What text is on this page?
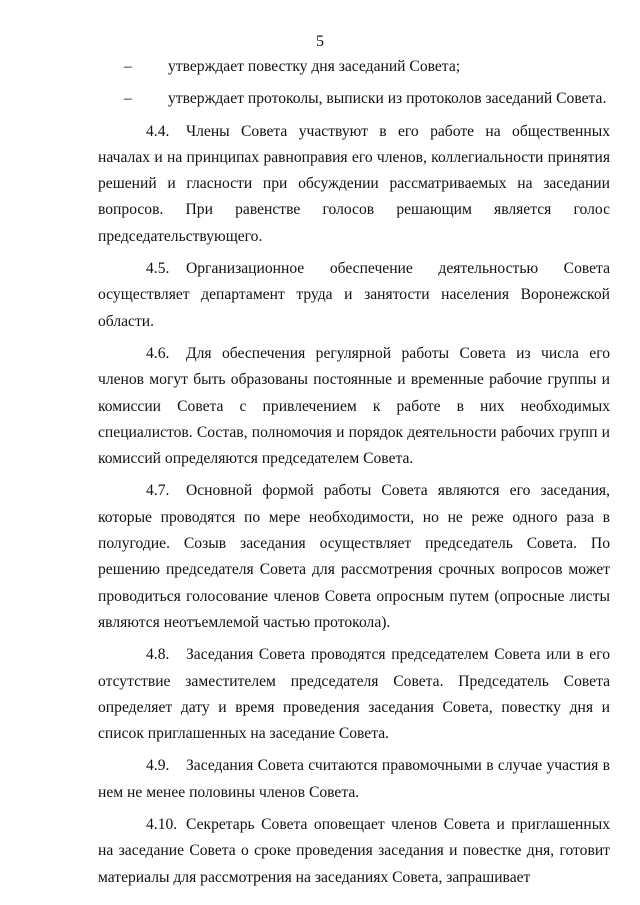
5

– утверждает повестку дня заседаний Совета;

– утверждает протоколы, выписки из протоколов заседаний Совета.

4.4. Члены Совета участвуют в его работе на общественных началах и на принципах равноправия его членов, коллегиальности принятия решений и гласности при обсуждении рассматриваемых на заседании вопросов. При равенстве голосов решающим является голос председательствующего.

4.5. Организационное обеспечение деятельностью Совета осуществляет департамент труда и занятости населения Воронежской области.

4.6. Для обеспечения регулярной работы Совета из числа его членов могут быть образованы постоянные и временные рабочие группы и комиссии Совета с привлечением к работе в них необходимых специалистов. Состав, полномочия и порядок деятельности рабочих групп и комиссий определяются председателем Совета.

4.7. Основной формой работы Совета являются его заседания, которые проводятся по мере необходимости, но не реже одного раза в полугодие. Созыв заседания осуществляет председатель Совета. По решению председателя Совета для рассмотрения срочных вопросов может проводиться голосование членов Совета опросным путем (опросные листы являются неотъемлемой частью протокола).

4.8. Заседания Совета проводятся председателем Совета или в его отсутствие заместителем председателя Совета. Председатель Совета определяет дату и время проведения заседания Совета, повестку дня и список приглашенных на заседание Совета.

4.9. Заседания Совета считаются правомочными в случае участия в нем не менее половины членов Совета.

4.10. Секретарь Совета оповещает членов Совета и приглашенных на заседание Совета о сроке проведения заседания и повестке дня, готовит материалы для рассмотрения на заседаниях Совета, запрашивает
